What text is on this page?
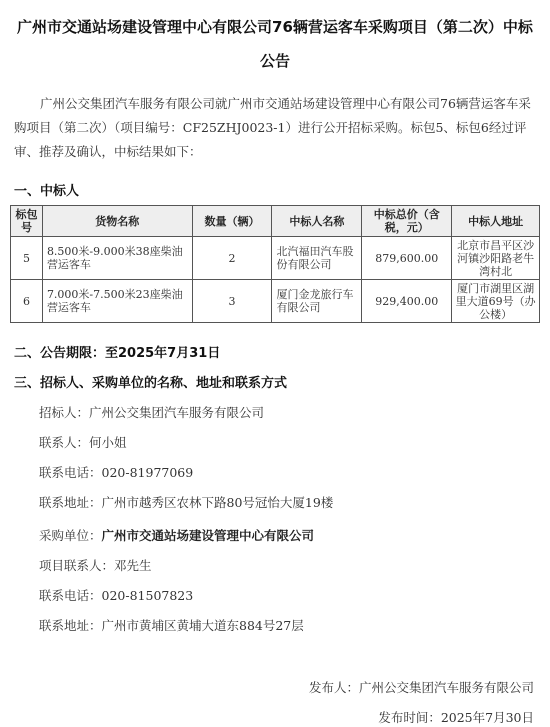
广州市交通站场建设管理中心有限公司76辆营运客车采购项目（第二次）中标公告
广州公交集团汽车服务有限公司就广州市交通站场建设管理中心有限公司76辆营运客车采购项目（第二次）（项目编号：CF25ZHJ0023-1）进行公开招标采购。标包5、标包6经过评审、推荐及确认，中标结果如下：
一、中标人
标包号	货物名称	数量（辆）	中标人名称	中标总价（含税，元）	中标人地址
5	8.500米-9.000米38座柴油营运客车	2	北汽福田汽车股份有限公司	879,600.00	北京市昌平区沙河镇沙阳路老牛湾村北
6	7.000米-7.500米23座柴油营运客车	3	厦门金龙旅行车有限公司	929,400.00	厦门市湖里区湖里大道69号（办公楼）
二、公告期限：至2025年7月31日
三、招标人、采购单位的名称、地址和联系方式
招标人：广州公交集团汽车服务有限公司
联系人：何小姐
联系电话：020-81977069
联系地址：广州市越秀区农林下路80号冠怡大厦19楼
采购单位：广州市交通站场建设管理中心有限公司
项目联系人：邓先生
联系电话：020-81507823
联系地址：广州市黄埔区黄埔大道东884号27层
发布人：广州公交集团汽车服务有限公司
发布时间：2025年7月30日
